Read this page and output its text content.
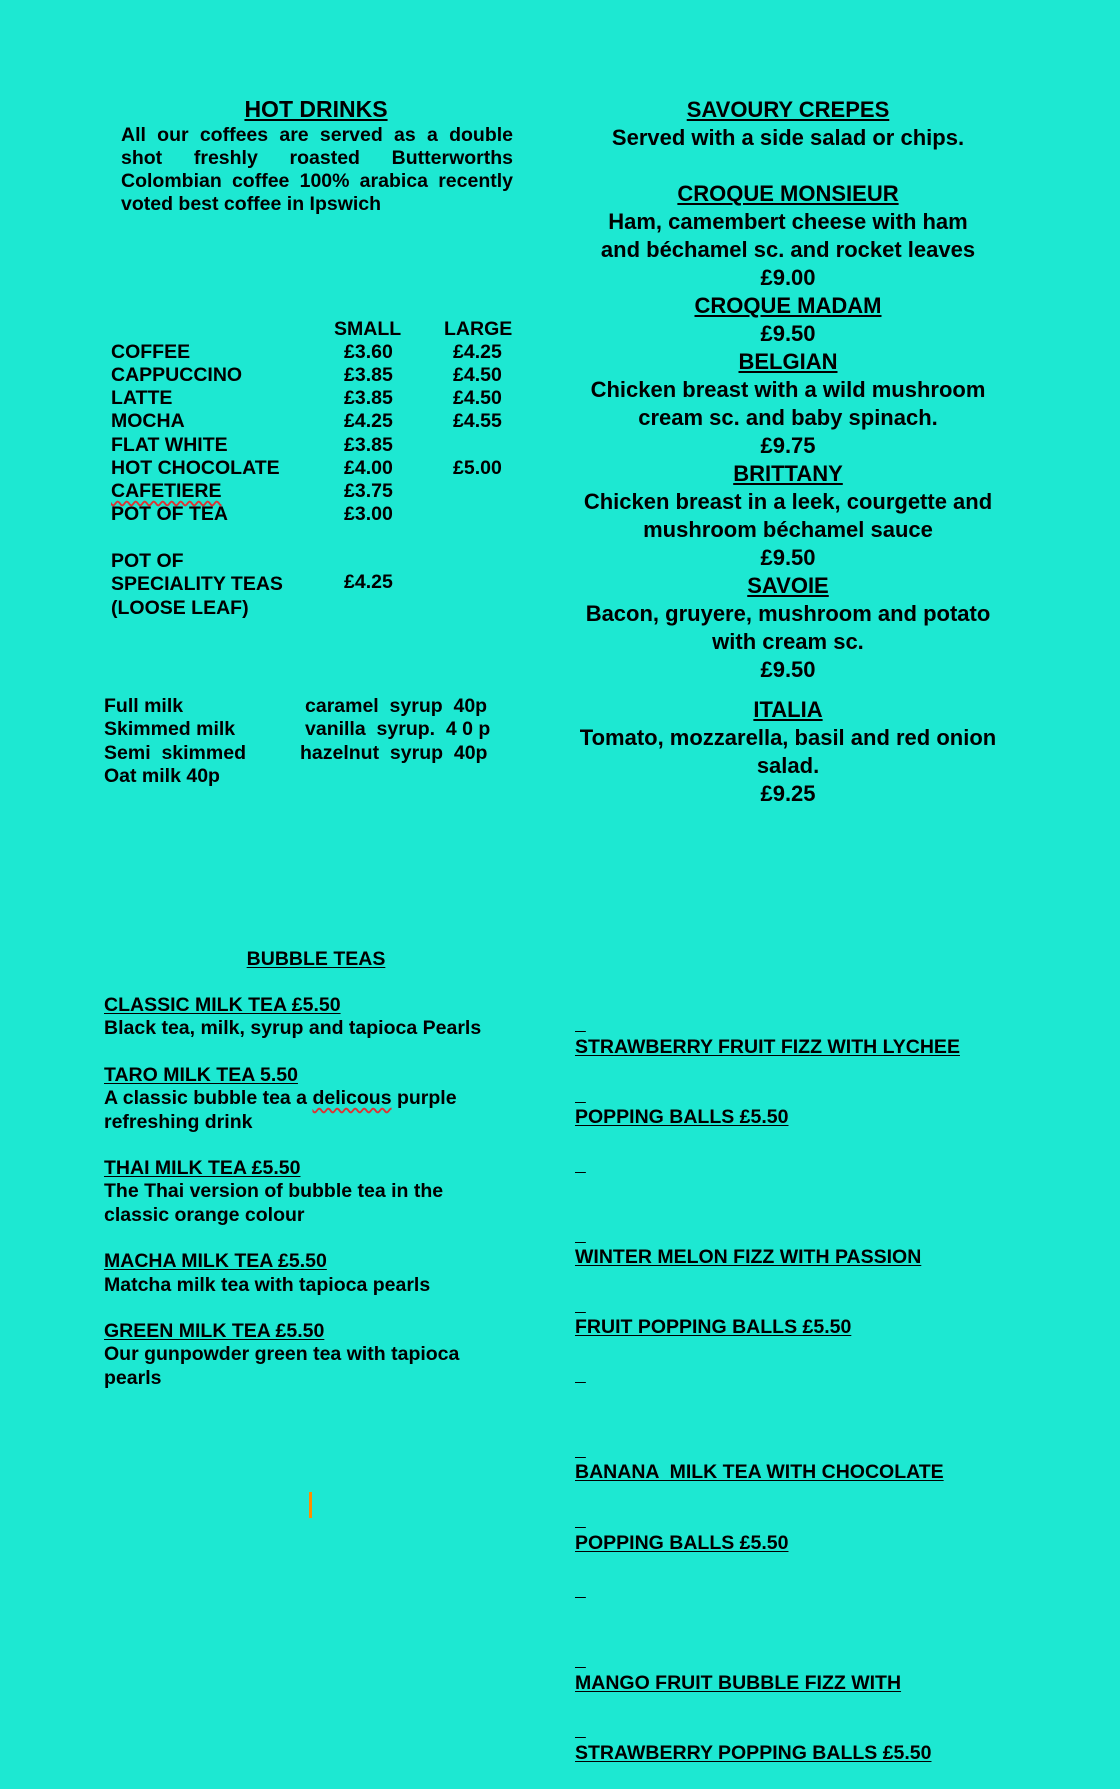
HOT DRINKS
All our coffees are served as a double shot freshly roasted Butterworths Colombian coffee 100% arabica recently voted best coffee in Ipswich
SMALL LARGE
COFFEE	£3.60	£4.25
CAPPUCCINO	£3.85	£4.50
LATTE	£3.85	£4.50
MOCHA	£4.25	£4.55
FLAT WHITE	£3.85
HOT CHOCOLATE	£4.00	£5.00
CAFETIERE	£3.75
POT OF TEA	£3.00
POT OF
SPECIALITY TEAS	£4.25
(LOOSE LEAF)
Full milk
Skimmed milk
Semi  skimmed
Oat milk 40p
caramel  syrup  40p
vanilla  syrup.  4 0 p
hazelnut  syrup  40p
SAVOURY CREPES
Served with a side salad or chips.
CROQUE MONSIEUR
Ham, camembert cheese with ham
and béchamel sc. and rocket leaves
£9.00
CROQUE MADAM
£9.50
BELGIAN
Chicken breast with a wild mushroom
cream sc. and baby spinach.
£9.75
BRITTANY
Chicken breast in a leek, courgette and
mushroom béchamel sauce
£9.50
SAVOIE
Bacon, gruyere, mushroom and potato
with cream sc.
£9.50
ITALIA
Tomato, mozzarella, basil and red onion
salad.
£9.25
BUBBLE TEAS
CLASSIC MILK TEA £5.50
Black tea, milk, syrup and tapioca Pearls
TARO MILK TEA 5.50
A classic bubble tea a delicous purple
refreshing drink
THAI MILK TEA £5.50
The Thai version of bubble tea in the
classic orange colour
MACHA MILK TEA £5.50
Matcha milk tea with tapioca pearls
GREEN MILK TEA £5.50
Our gunpowder green tea with tapioca
pearls

STRAWBERRY FRUIT FIZZ WITH LYCHEE

POPPING BALLS £5.50

WINTER MELON FIZZ WITH PASSION

FRUIT POPPING BALLS £5.50

BANANA  MILK TEA WITH CHOCOLATE

POPPING BALLS £5.50

MANGO FRUIT BUBBLE FIZZ WITH

STRAWBERRY POPPING BALLS £5.50
